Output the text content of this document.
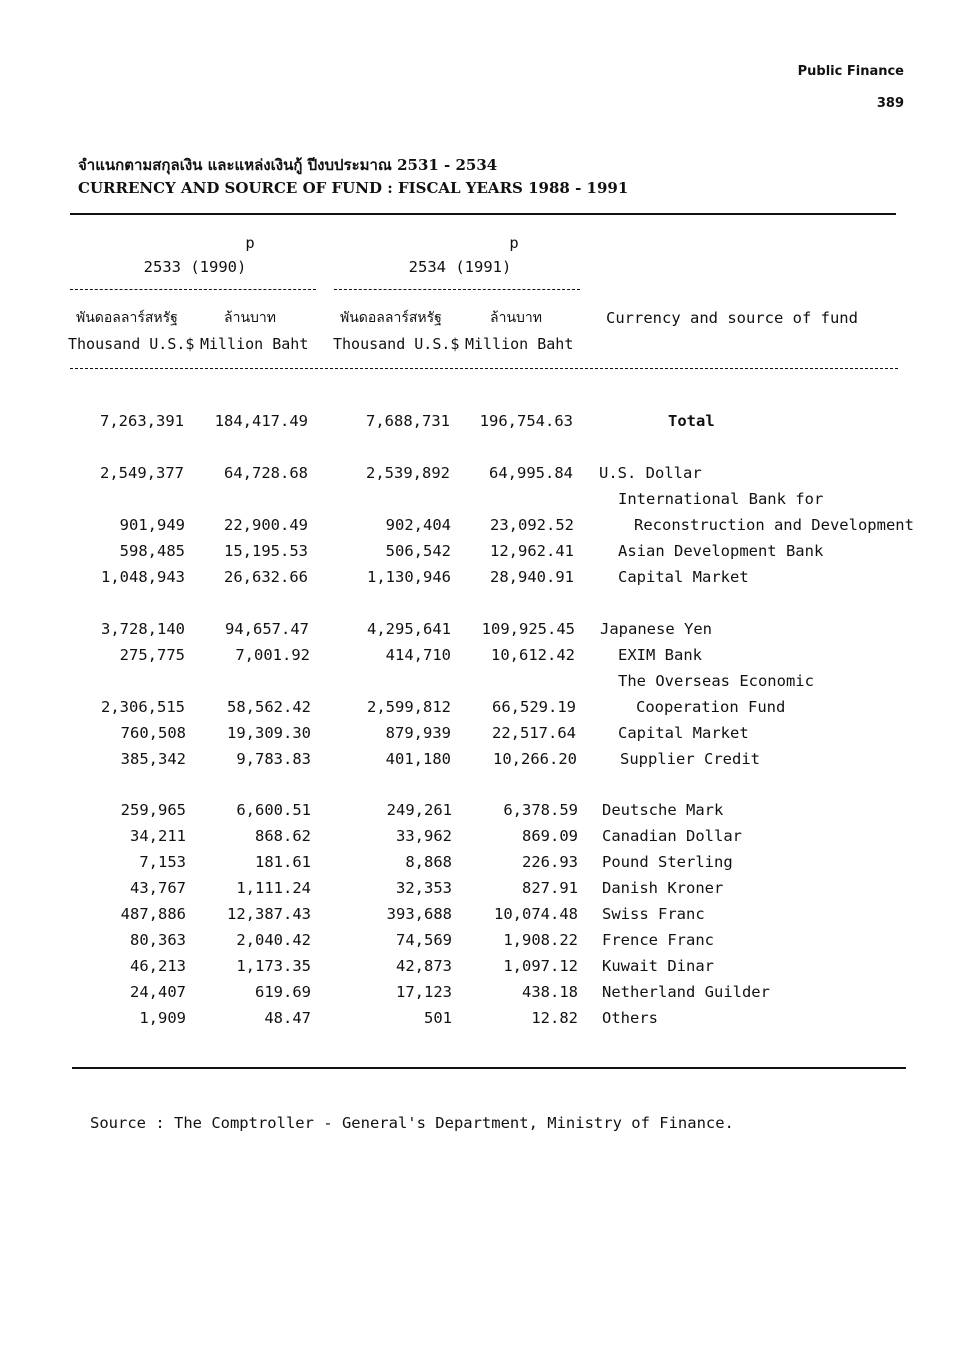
Public Finance
389
จำแนกตามสกุลเงิน และแหล่งเงินกู้ ปีงบประมาณ 2531 - 2534
CURRENCY AND SOURCE OF FUND : FISCAL YEARS 1988 - 1991
p
2533 (1990)
p
2534 (1991)
พันดอลลาร์สหรัฐ	ล้านบาท	พันดอลลาร์สหรัฐ	ล้านบาท	Currency and source of fund
Thousand U.S.$ Million Baht Thousand U.S.$ Million Baht
7,263,391 184,417.49	7,688,731 196,754.63	Total
2,549,377	64,728.68	2,539,892	64,995.84 U.S. Dollar
International Bank for
901,949	22,900.49	902,404	23,092.52	Reconstruction and Development
598,485	15,195.53	506,542	12,962.41	Asian Development Bank
1,048,943	26,632.66	1,130,946	28,940.91	Capital Market
3,728,140	94,657.47	4,295,641 109,925.45 Japanese Yen
275,775	7,001.92	414,710	10,612.42	EXIM Bank
The Overseas Economic
2,306,515	58,562.42	2,599,812	66,529.19	Cooperation Fund
760,508	19,309.30	879,939	22,517.64	Capital Market
385,342	9,783.83	401,180	10,266.20	Supplier Credit
259,965	6,600.51	249,261	6,378.59 Deutsche Mark
34,211	868.62	33,962	869.09 Canadian Dollar
7,153	181.61	8,868	226.93 Pound Sterling
43,767	1,111.24	32,353	827.91 Danish Kroner
487,886	12,387.43	393,688	10,074.48 Swiss Franc
80,363	2,040.42	74,569	1,908.22 Frence Franc
46,213	1,173.35	42,873	1,097.12 Kuwait Dinar
24,407	619.69	17,123	438.18 Netherland Guilder
1,909	48.47	501	12.82 Others
Source : The Comptroller - General's Department, Ministry of Finance.
